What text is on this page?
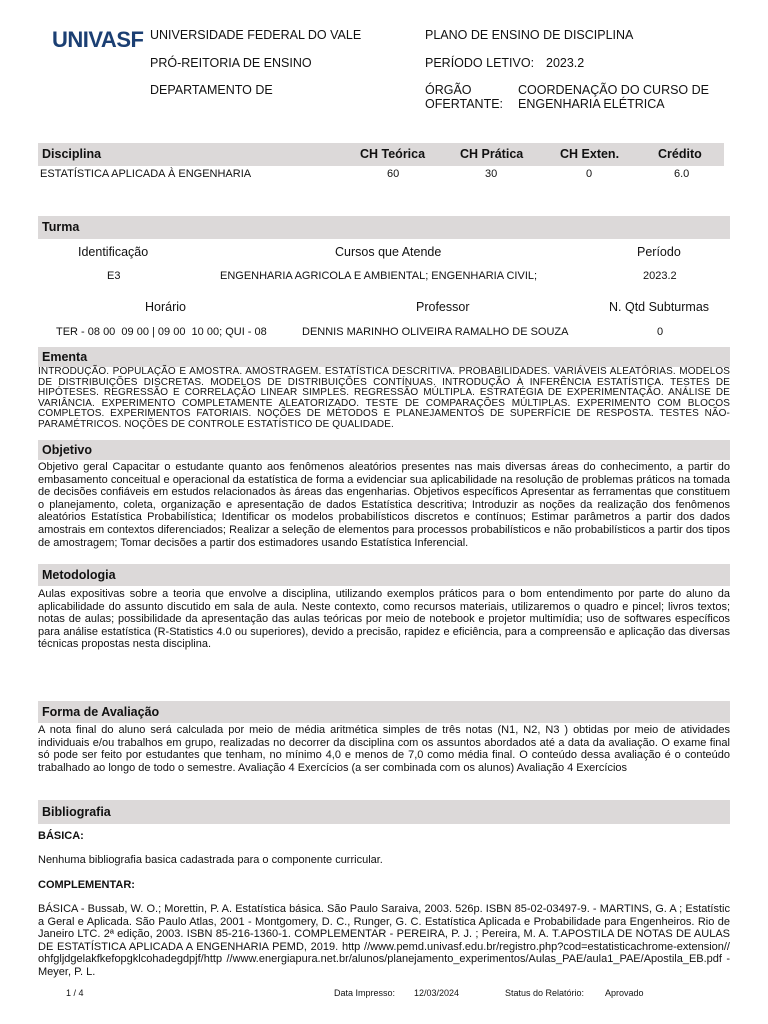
UNIVASF UNIVERSIDADE FEDERAL DO VALE
PRÓ-REITORIA DE ENSINO
DEPARTAMENTO DE
PLANO DE ENSINO DE DISCIPLINA
PERÍODO LETIVO: 2023.2
ÓRGÃO
OFERTANTE:
COORDENAÇÃO DO CURSO DE
ENGENHARIA ELÉTRICA
Disciplina	CH Teórica	CH Prática	CH Exten.	Crédito
ESTATÍSTICA APLICADA À ENGENHARIA	60	30	0	6.0
Turma
Identificação	Cursos que Atende	Período
E3	ENGENHARIA AGRICOLA E AMBIENTAL; ENGENHARIA CIVIL;	2023.2
Horário	Professor	N. Qtd Subturmas
TER - 08 00  09 00 | 09 00  10 00; QUI - 08	DENNIS MARINHO OLIVEIRA RAMALHO DE SOUZA	0
Ementa
INTRODUÇÃO. POPULAÇÃO E AMOSTRA. AMOSTRAGEM. ESTATÍSTICA DESCRITIVA. PROBABILIDADES. VARIÁVEIS ALEATÓRIAS. MODELOS DE DISTRIBUIÇÕES DISCRETAS. MODELOS DE DISTRIBUIÇÕES CONTÍNUAS. INTRODUÇÃO À INFERÊNCIA ESTATÍSTICA. TESTES DE HIPÓTESES. REGRESSÃO E CORRELAÇÃO LINEAR SIMPLES. REGRESSÃO MÚLTIPLA. ESTRATÉGIA DE EXPERIMENTAÇÃO. ANÁLISE DE VARIÂNCIA. EXPERIMENTO COMPLETAMENTE ALEATORIZADO. TESTE DE COMPARAÇÕES MÚLTIPLAS. EXPERIMENTO COM BLOCOS COMPLETOS. EXPERIMENTOS FATORIAIS. NOÇÕES DE MÉTODOS E PLANEJAMENTOS DE SUPERFÍCIE DE RESPOSTA. TESTES NÃO-PARAMÉTRICOS. NOÇÕES DE CONTROLE ESTATÍSTICO DE QUALIDADE.
Objetivo
Objetivo geral Capacitar o estudante quanto aos fenômenos aleatórios presentes nas mais diversas áreas do conhecimento, a partir do embasamento conceitual e operacional da estatística de forma a evidenciar sua aplicabilidade na resolução de problemas práticos na tomada de decisões confiáveis em estudos relacionados às áreas das engenharias. Objetivos específicos Apresentar as ferramentas que constituem o planejamento, coleta, organização e apresentação de dados Estatística descritiva; Introduzir as noções da realização dos fenômenos aleatórios Estatística Probabilística; Identificar os modelos probabilísticos discretos e contínuos; Estimar parâmetros a partir dos dados amostrais em contextos diferenciados; Realizar a seleção de elementos para processos probabilísticos e não probabilísticos a partir dos tipos de amostragem; Tomar decisões a partir dos estimadores usando Estatística Inferencial.
Metodologia
Aulas expositivas sobre a teoria que envolve a disciplina, utilizando exemplos práticos para o bom entendimento por parte do aluno da aplicabilidade do assunto discutido em sala de aula. Neste contexto, como recursos materiais, utilizaremos o quadro e pincel; livros textos; notas de aulas; possibilidade da apresentação das aulas teóricas por meio de notebook e projetor multimídia; uso de softwares específicos para análise estatística (R-Statistics 4.0 ou superiores), devido a precisão, rapidez e eficiência, para a compreensão e aplicação das diversas técnicas propostas nesta disciplina.
Forma de Avaliação
A nota final do aluno será calculada por meio de média aritmética simples de três notas (N1, N2, N3 ) obtidas por meio de atividades individuais e/ou trabalhos em grupo, realizadas no decorrer da disciplina com os assuntos abordados até a data da avaliação. O exame final só pode ser feito por estudantes que tenham, no mínimo 4,0 e menos de 7,0 como média final. O conteúdo dessa avaliação é o conteúdo trabalhado ao longo de todo o semestre. Avaliação 4 Exercícios (a ser combinada com os alunos) Avaliação 4 Exercícios
Bibliografia
BÁSICA:
Nenhuma bibliografia basica cadastrada para o componente curricular.
COMPLEMENTAR:
BÁSICA - Bussab, W. O.; Morettin, P. A. Estatística básica. São Paulo Saraiva, 2003. 526p. ISBN 85-02-03497-9. - MARTINS, G. A ; Estatística Geral e Aplicada. São Paulo Atlas, 2001 - Montgomery, D. C., Runger, G. C. Estatística Aplicada e Probabilidade para Engenheiros. Rio de Janeiro LTC. 2ª edição, 2003. ISBN 85-216-1360-1. COMPLEMENTAR - PEREIRA, P. J. ; Pereira, M. A. T.APOSTILA DE NOTAS DE AULAS DE ESTATÍSTICA APLICADA A ENGENHARIA PEMD, 2019. http //www.pemd.univasf.edu.br/registro.php?cod=estatisticachrome-extension//ohfgljdgelakfkefopgklcohadegdpjf/http //www.energiapura.net.br/alunos/planejamento_experimentos/Aulas_PAE/aula1_PAE/Apostila_EB.pdf - Meyer, P. L.
1 / 4	Data Impresso: 12/03/2024	Status do Relatório: Aprovado
